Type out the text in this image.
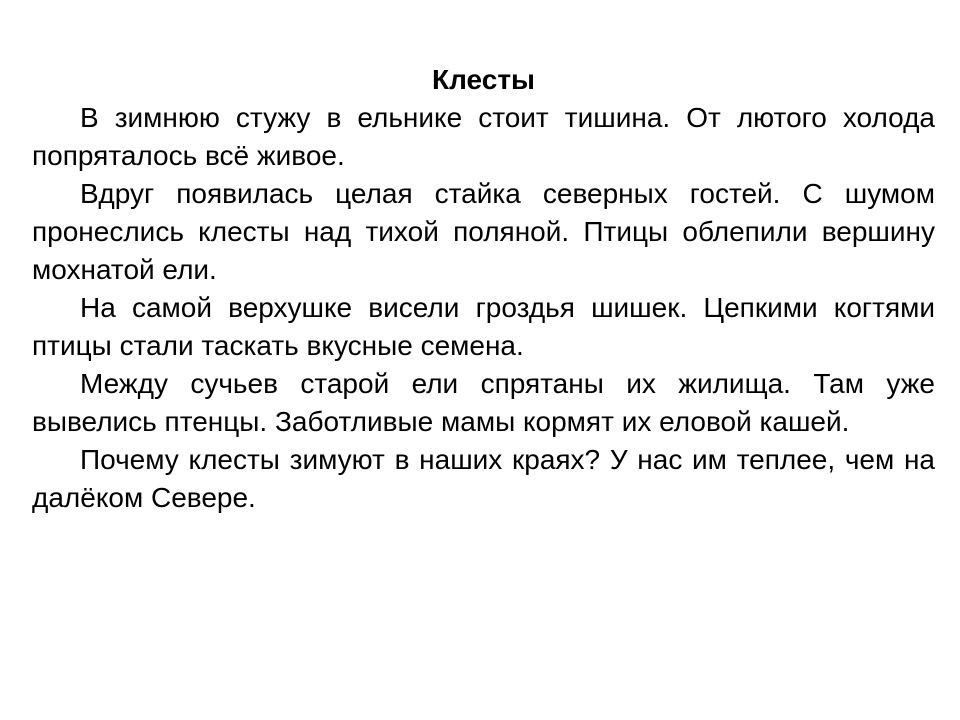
Клесты

В зимнюю стужу в ельнике стоит тишина. От лютого холода попряталось всё живое.

Вдруг появилась целая стайка северных гостей. С шумом пронеслись клесты над тихой поляной. Птицы облепили вершину мохнатой ели.

На самой верхушке висели гроздья шишек. Цепкими когтями птицы стали таскать вкусные семена.

Между сучьев старой ели спрятаны их жилища. Там уже вывелись птенцы. Заботливые мамы кормят их еловой кашей.

Почему клесты зимуют в наших краях? У нас им теплее, чем на далёком Севере.
